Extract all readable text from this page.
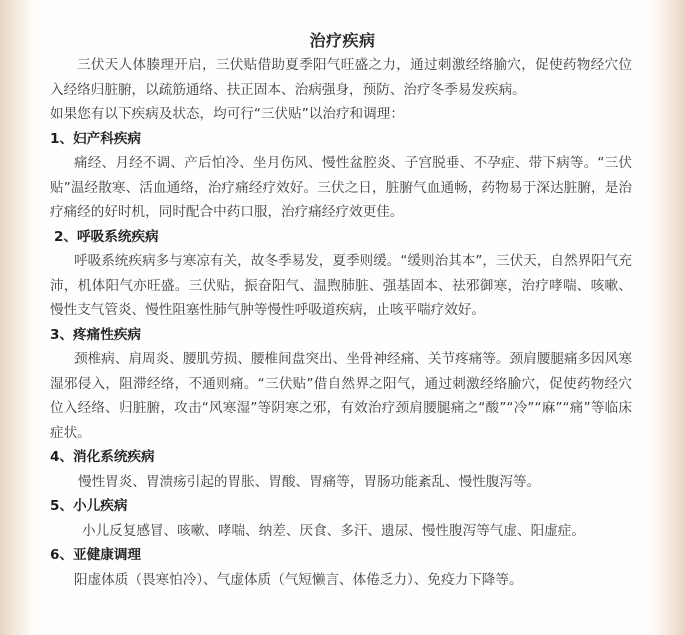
治疗疾病

三伏天人体腠理开启，三伏贴借助夏季阳气旺盛之力，通过刺激经络腧穴，促使药物经穴位入经络归脏腑，以疏筋通络、扶正固本、治病强身，预防、治疗冬季易发疾病。

如果您有以下疾病及状态，均可行“三伏贴”以治疗和调理：

1、妇产科疾病

痛经、月经不调、产后怕冷、坐月伤风、慢性盆腔炎、子宫脱垂、不孕症、带下病等。“三伏贴”温经散寒、活血通络，治疗痛经疗效好。三伏之日，脏腑气血通畅，药物易于深达脏腑，是治疗痛经的好时机，同时配合中药口服，治疗痛经疗效更佳。

2、呼吸系统疾病

呼吸系统疾病多与寒凉有关，故冬季易发，夏季则缓。“缓则治其本”，三伏天，自然界阳气充沛，机体阳气亦旺盛。三伏贴，振奋阳气、温煦肺脏、强基固本、祛邪御寒，治疗哮喘、咳嗽、慢性支气管炎、慢性阻塞性肺气肿等慢性呼吸道疾病，止咳平喘疗效好。

3、疼痛性疾病

颈椎病、肩周炎、腰肌劳损、腰椎间盘突出、坐骨神经痛、关节疼痛等。颈肩腰腿痛多因风寒湿邪侵入，阻滞经络，不通则痛。“三伏贴”借自然界之阳气，通过刺激经络腧穴，促使药物经穴位入经络、归脏腑，攻击“风寒湿”等阴寒之邪，有效治疗颈肩腰腿痛之“酸”“冷”“麻”“痛”等临床症状。

4、消化系统疾病

慢性胃炎、胃溃疡引起的胃胀、胃酸、胃痛等，胃肠功能紊乱、慢性腹泻等。

5、小儿疾病

小儿反复感冒、咳嗽、哮喘、纳差、厌食、多汗、遗尿、慢性腹泻等气虚、阳虚症。

6、亚健康调理

阳虚体质（畏寒怕冷）、气虚体质（气短懒言、体倦乏力）、免疫力下降等。
